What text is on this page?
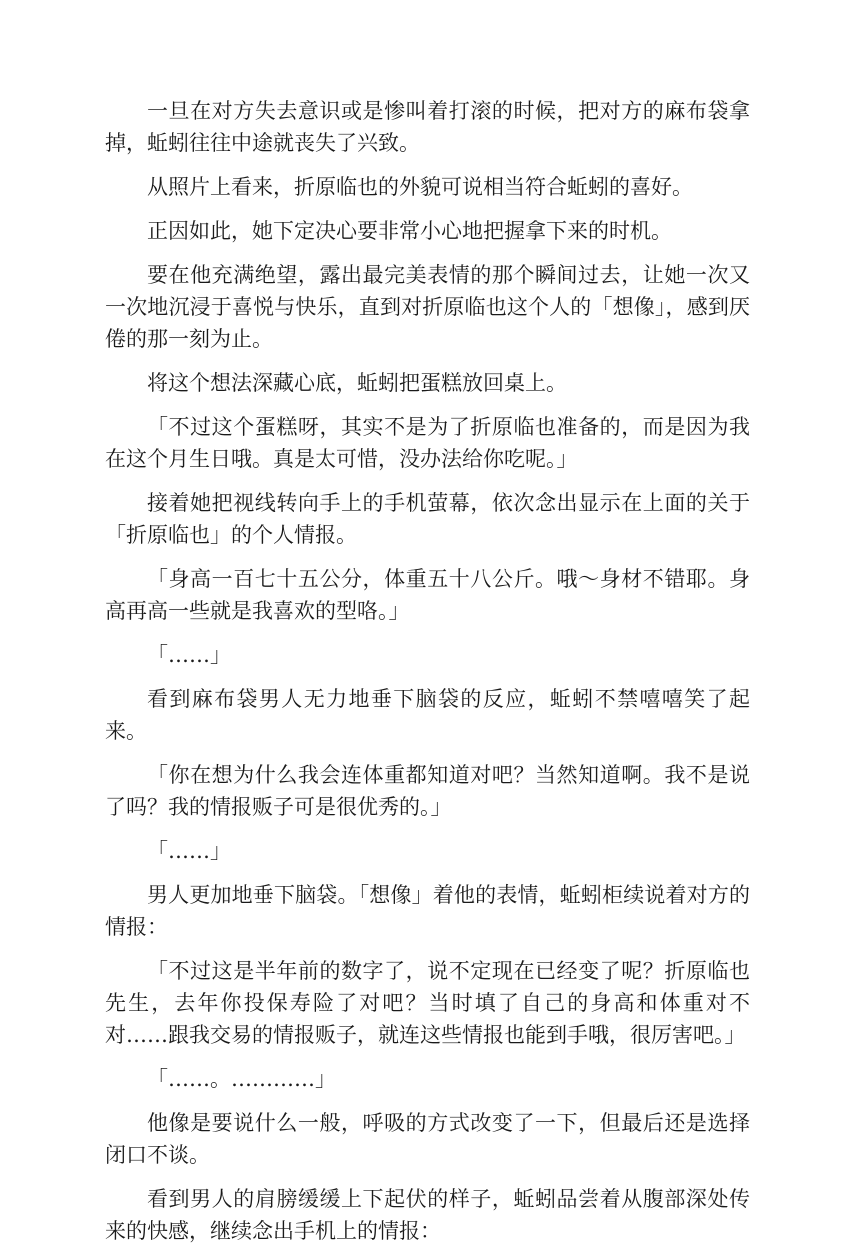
一旦在对方失去意识或是惨叫着打滚的时候，把对方的麻布袋拿掉，蚯蚓往往中途就丧失了兴致。

从照片上看来，折原临也的外貌可说相当符合蚯蚓的喜好。

正因如此，她下定决心要非常小心地把握拿下来的时机。

要在他充满绝望，露出最完美表情的那个瞬间过去，让她一次又一次地沉浸于喜悦与快乐，直到对折原临也这个人的「想像」，感到厌倦的那一刻为止。

将这个想法深藏心底，蚯蚓把蛋糕放回桌上。

「不过这个蛋糕呀，其实不是为了折原临也准备的，而是因为我在这个月生日哦。真是太可惜，没办法给你吃呢。」

接着她把视线转向手上的手机萤幕，依次念出显示在上面的关于「折原临也」的个人情报。

「身高一百七十五公分，体重五十八公斤。哦～身材不错耶。身高再高一些就是我喜欢的型咯。」

「……」

看到麻布袋男人无力地垂下脑袋的反应，蚯蚓不禁嘻嘻笑了起来。

「你在想为什么我会连体重都知道对吧？当然知道啊。我不是说了吗？我的情报贩子可是很优秀的。」

「……」

男人更加地垂下脑袋。「想像」着他的表情，蚯蚓柜续说着对方的情报：

「不过这是半年前的数字了，说不定现在已经变了呢？折原临也先生，去年你投保寿险了对吧？当时填了自己的身高和体重对不对……跟我交易的情报贩子，就连这些情报也能到手哦，很厉害吧。」

「……。…………」

他像是要说什么一般，呼吸的方式改变了一下，但最后还是选择闭口不谈。

看到男人的肩膀缓缓上下起伏的样子，蚯蚓品尝着从腹部深处传来的快感，继续念出手机上的情报：
